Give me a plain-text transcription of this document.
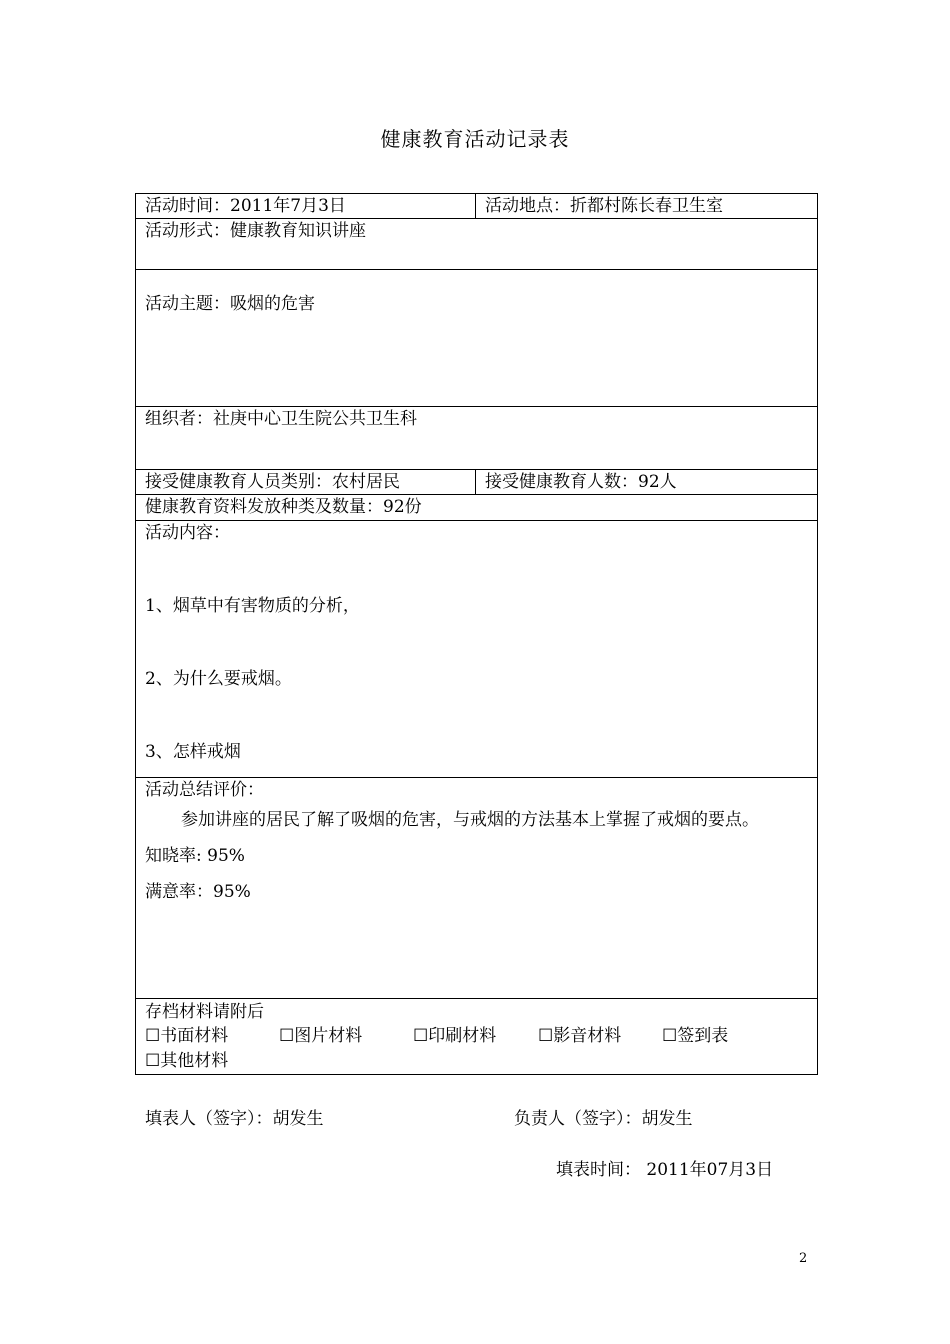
健康教育活动记录表
活动时间：2011年7月3日	活动地点：折都村陈长春卫生室
活动形式：健康教育知识讲座	

活动主题：吸烟的危害	

组织者：社庚中心卫生院公共卫生科	
接受健康教育人员类别：农村居民	接受健康教育人数：92人
健康教育资料发放种类及数量：92份	

活动内容：
1、烟草中有害物质的分析，
2、为什么要戒烟。
3、怎样戒烟	

活动总结评价：
参加讲座的居民了解了吸烟的危害，与戒烟的方法基本上掌握了戒烟的要点。
知晓率: 95%
满意率：95%	

存档材料请附后
☐书面材料 ☐图片材料 ☐印刷材料 ☐影音材料 ☐签到表
☐其他材料	
填表人（签字）：胡发生	负责人（签字）：胡发生
填表时间： 2011年07月3日
2
